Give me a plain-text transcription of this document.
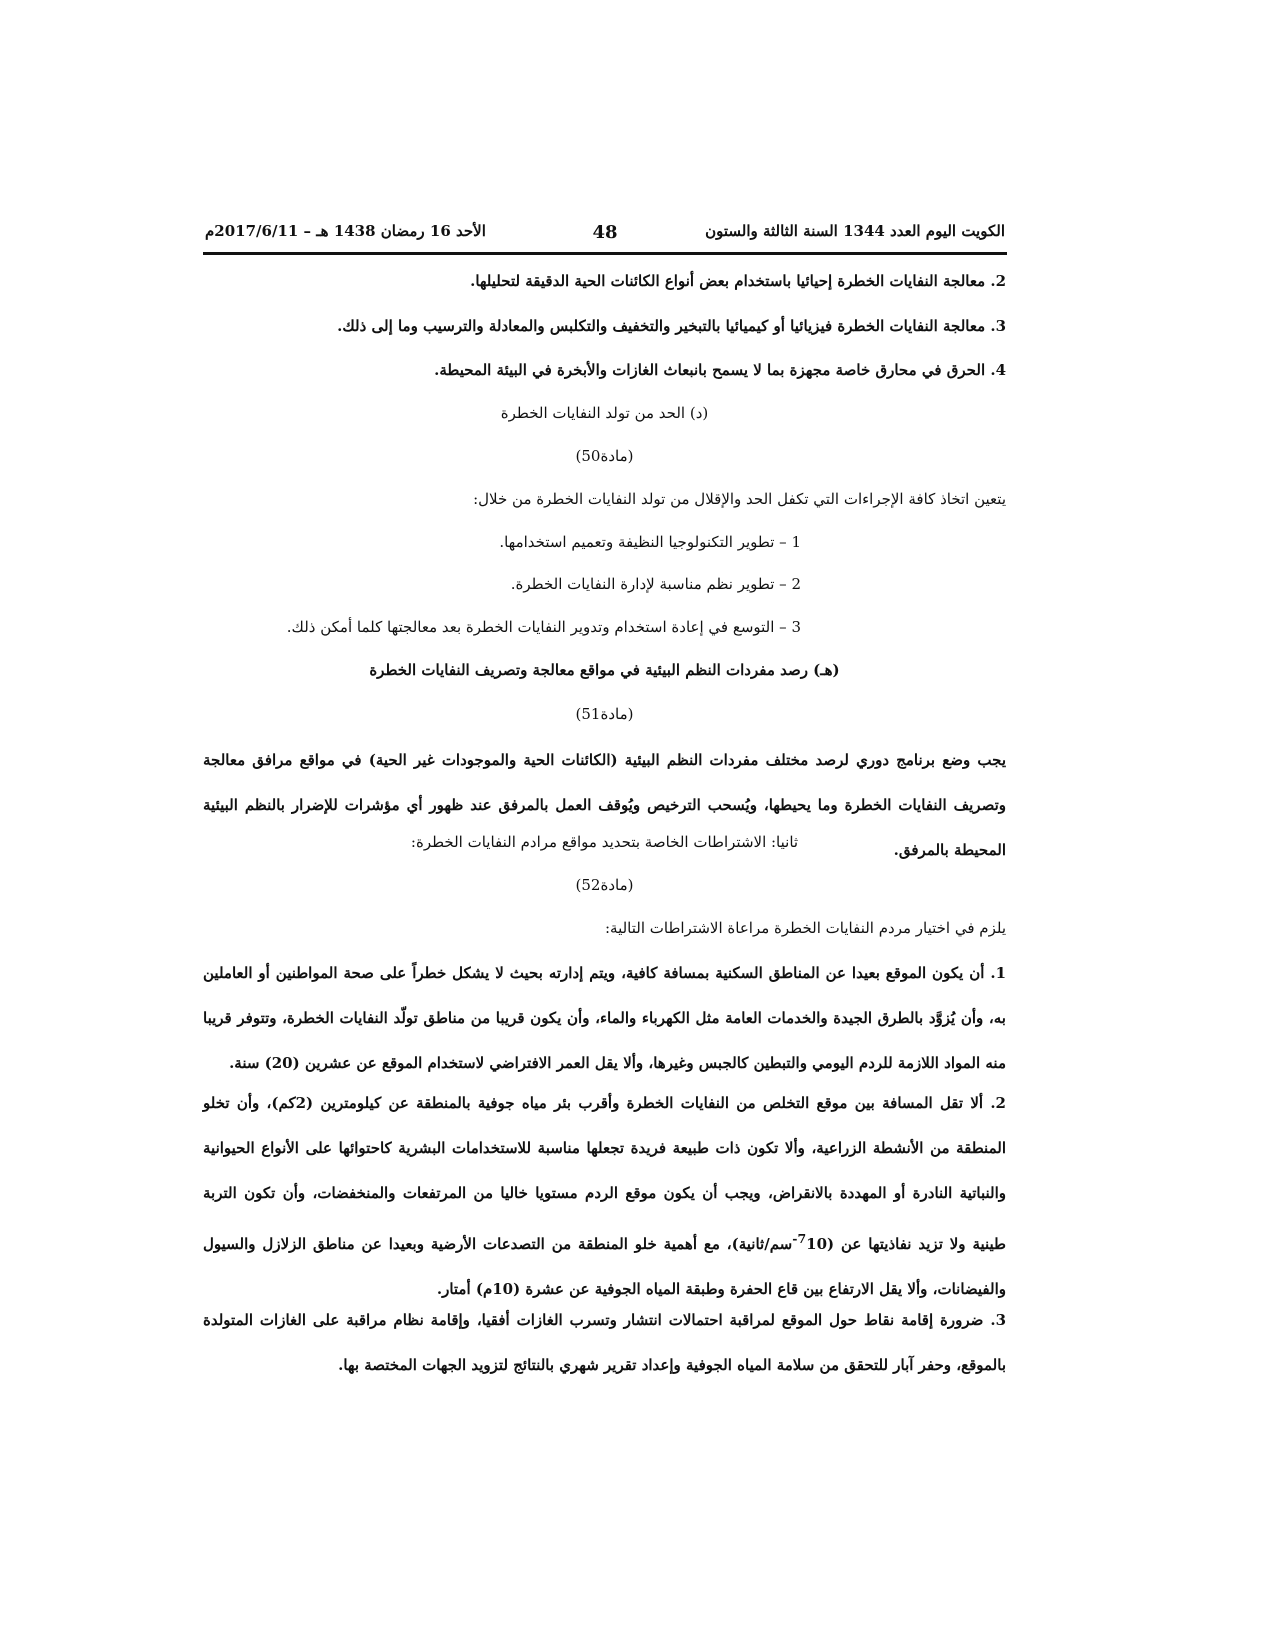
الكويت اليوم العدد 1344 السنة الثالثة والستون
48
الأحد 16 رمضان 1438 هـ – 2017/6/11م
2. معالجة النفايات الخطرة إحيائيا باستخدام بعض أنواع الكائنات الحية الدقيقة لتحليلها.
3. معالجة النفايات الخطرة فيزيائيا أو كيميائيا بالتبخير والتخفيف والتكلبس والمعادلة والترسيب وما إلى ذلك.
4. الحرق في محارق خاصة مجهزة بما لا يسمح بانبعاث الغازات والأبخرة في البيئة المحيطة.
(د) الحد من تولد النفايات الخطرة
(مادة50)
يتعين اتخاذ كافة الإجراءات التي تكفل الحد والإقلال من تولد النفايات الخطرة من خلال:
1 – تطوير التكنولوجيا النظيفة وتعميم استخدامها.
2 – تطوير نظم مناسبة لإدارة النفايات الخطرة.
3 – التوسع في إعادة استخدام وتدوير النفايات الخطرة بعد معالجتها كلما أمكن ذلك.
(هـ) رصد مفردات النظم البيئية في مواقع معالجة وتصريف النفايات الخطرة
(مادة51)
يجب وضع برنامج دوري لرصد مختلف مفردات النظم البيئية (الكائنات الحية والموجودات غير الحية) في مواقع مرافق معالجة وتصريف النفايات الخطرة وما يحيطها، ويُسحب الترخيص ويُوقف العمل بالمرفق عند ظهور أي مؤشرات للإضرار بالنظم البيئية المحيطة بالمرفق.
ثانيا: الاشتراطات الخاصة بتحديد مواقع مرادم النفايات الخطرة:
(مادة52)
يلزم في اختيار مردم النفايات الخطرة مراعاة الاشتراطات التالية:
1. أن يكون الموقع بعيدا عن المناطق السكنية بمسافة كافية، ويتم إدارته بحيث لا يشكل خطراً على صحة المواطنين أو العاملين به، وأن يُزوَّد بالطرق الجيدة والخدمات العامة مثل الكهرباء والماء، وأن يكون قريبا من مناطق تولّد النفايات الخطرة، وتتوفر قريبا منه المواد اللازمة للردم اليومي والتبطين كالجبس وغيرها، وألا يقل العمر الافتراضي لاستخدام الموقع عن عشرين (20) سنة.
2. ألا تقل المسافة بين موقع التخلص من النفايات الخطرة وأقرب بئر مياه جوفية بالمنطقة عن كيلومترين (2كم)، وأن تخلو المنطقة من الأنشطة الزراعية، وألا تكون ذات طبيعة فريدة تجعلها مناسبة للاستخدامات البشرية كاحتوائها على الأنواع الحيوانية والنباتية النادرة أو المهددة بالانقراض، ويجب أن يكون موقع الردم مستويا خاليا من المرتفعات والمنخفضات، وأن تكون التربة طينية ولا تزيد نفاذيتها عن $(10^{-7}سم/ثانية)،$ مع أهمية خلو المنطقة من التصدعات الأرضية وبعيدا عن مناطق الزلازل والسيول والفيضانات، وألا يقل الارتفاع بين قاع الحفرة وطبقة المياه الجوفية عن عشرة (10م) أمتار.
3. ضرورة إقامة نقاط حول الموقع لمراقبة احتمالات انتشار وتسرب الغازات أفقيا، وإقامة نظام مراقبة على الغازات المتولدة بالموقع، وحفر آبار للتحقق من سلامة المياه الجوفية وإعداد تقرير شهري بالنتائج لتزويد الجهات المختصة بها.
